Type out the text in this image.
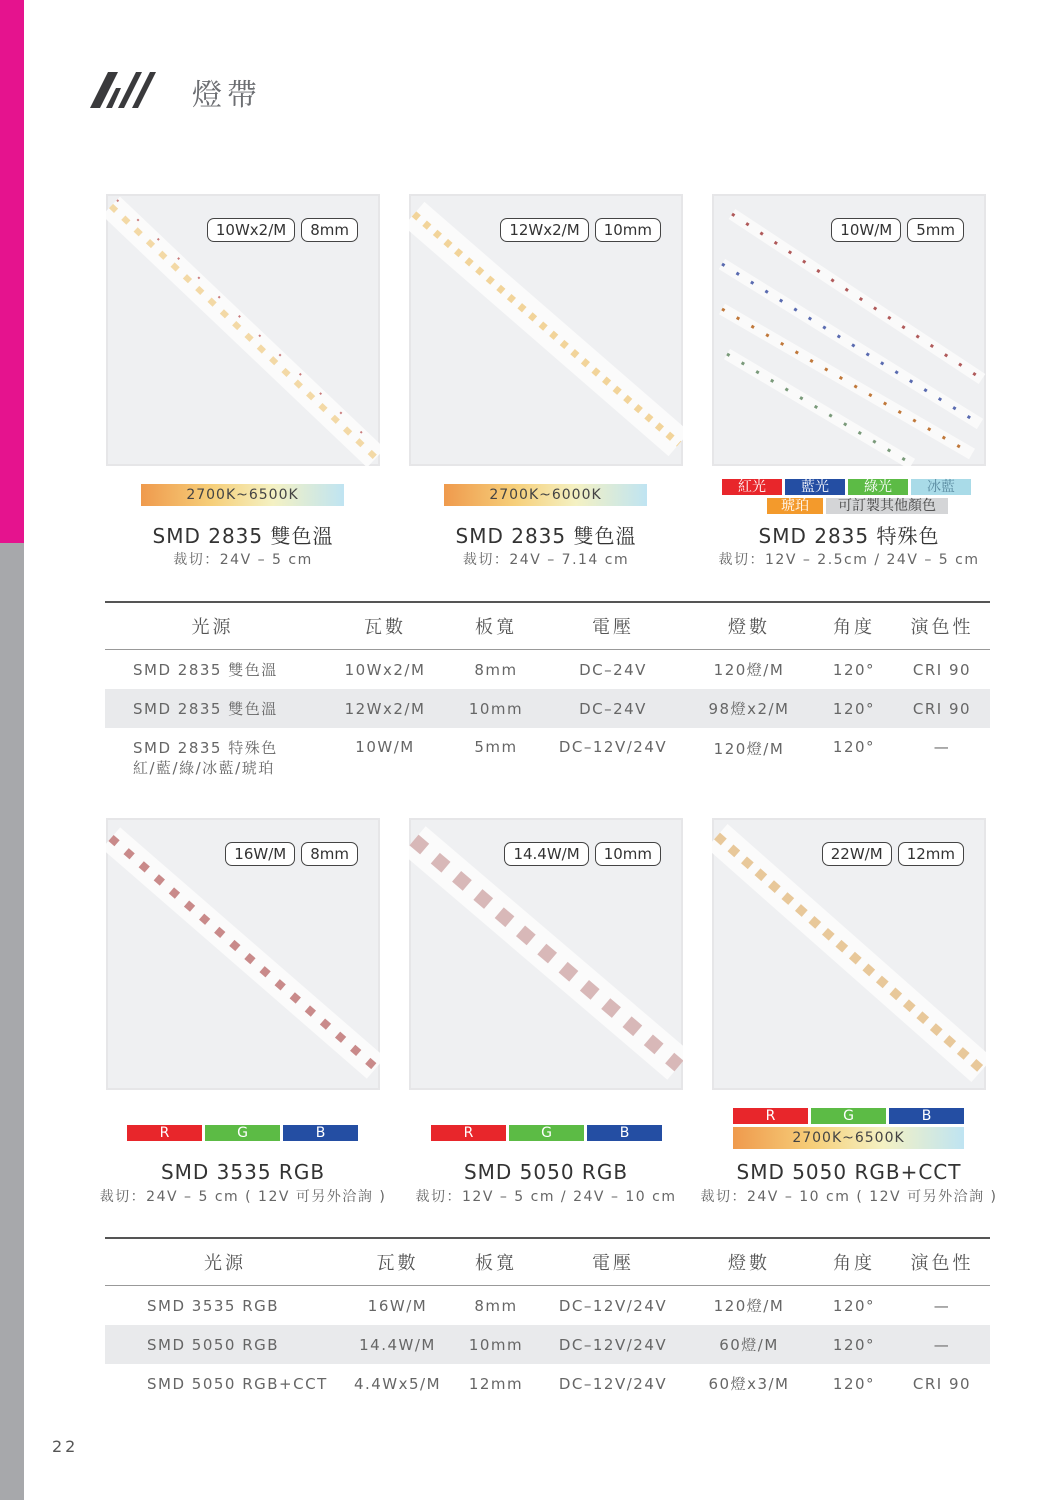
燈帶
10Wx2/M	8mm
2700K~6500K
SMD 2835 雙色溫
裁切：24V – 5 cm
12Wx2/M	10mm
2700K~6000K
SMD 2835 雙色溫
裁切：24V – 7.14 cm
10W/M	5mm
紅光	藍光	綠光	冰藍
琥珀	可訂製其他顏色
SMD 2835 特殊色
裁切：12V – 2.5cm / 24V – 5 cm
光源	瓦數	板寬	電壓	燈數	角度	演色性
SMD 2835 雙色溫	10Wx2/M	8mm	DC–24V	120燈/M	120°	CRI 90
SMD 2835 雙色溫	12Wx2/M	10mm	DC–24V	98燈x2/M	120°	CRI 90

SMD 2835 特殊色
紅/藍/綠/冰藍/琥珀	10W/M	5mm	DC–12V/24V	120燈/M	120°	—
16W/M	8mm
R	G	B
SMD 3535 RGB
裁切：24V – 5 cm ( 12V 可另外洽詢 )
14.4W/M	10mm
R	G	B
SMD 5050 RGB
裁切：12V – 5 cm / 24V – 10 cm
22W/M	12mm
R	G	B
2700K~6500K
SMD 5050 RGB+CCT
裁切：24V – 10 cm ( 12V 可另外洽詢 )
光源	瓦數	板寬	電壓	燈數	角度	演色性
SMD 3535 RGB	16W/M	8mm	DC–12V/24V	120燈/M	120°	—
SMD 5050 RGB	14.4W/M	10mm	DC–12V/24V	60燈/M	120°	—
SMD 5050 RGB+CCT	4.4Wx5/M	12mm	DC–12V/24V	60燈x3/M	120°	CRI 90
22
